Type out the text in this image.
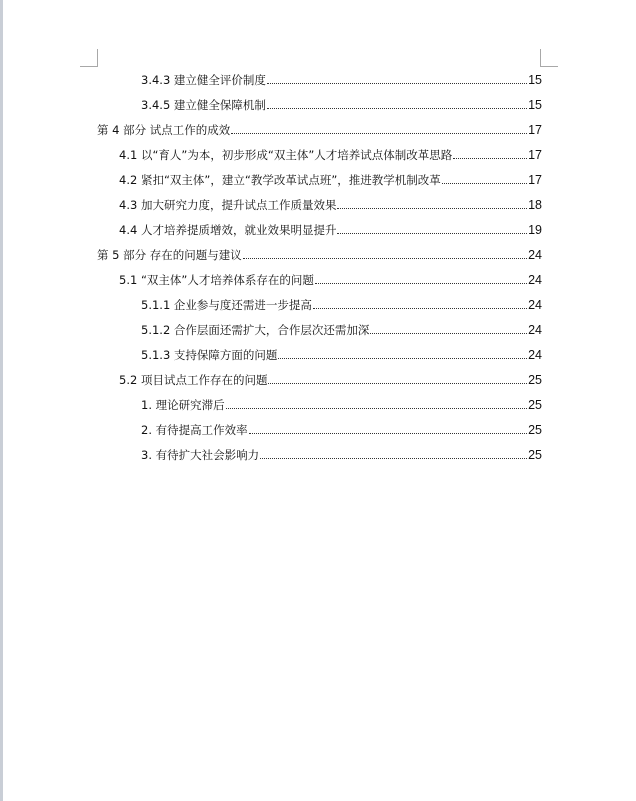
3.4.3 建立健全评价制度	15
3.4.5 建立健全保障机制	15
第 4 部分 试点工作的成效	17
4.1 以“育人”为本，初步形成“双主体”人才培养试点体制改革思路	17
4.2 紧扣“双主体”，建立“教学改革试点班”，推进教学机制改革	17
4.3 加大研究力度，提升试点工作质量效果	18
4.4 人才培养提质增效，就业效果明显提升	19
第 5 部分 存在的问题与建议	24
5.1 “双主体”人才培养体系存在的问题	24
5.1.1 企业参与度还需进一步提高	24
5.1.2 合作层面还需扩大，合作层次还需加深	24
5.1.3 支持保障方面的问题	24
5.2 项目试点工作存在的问题	25
1. 理论研究滞后	25
2. 有待提高工作效率	25
3. 有待扩大社会影响力	25
